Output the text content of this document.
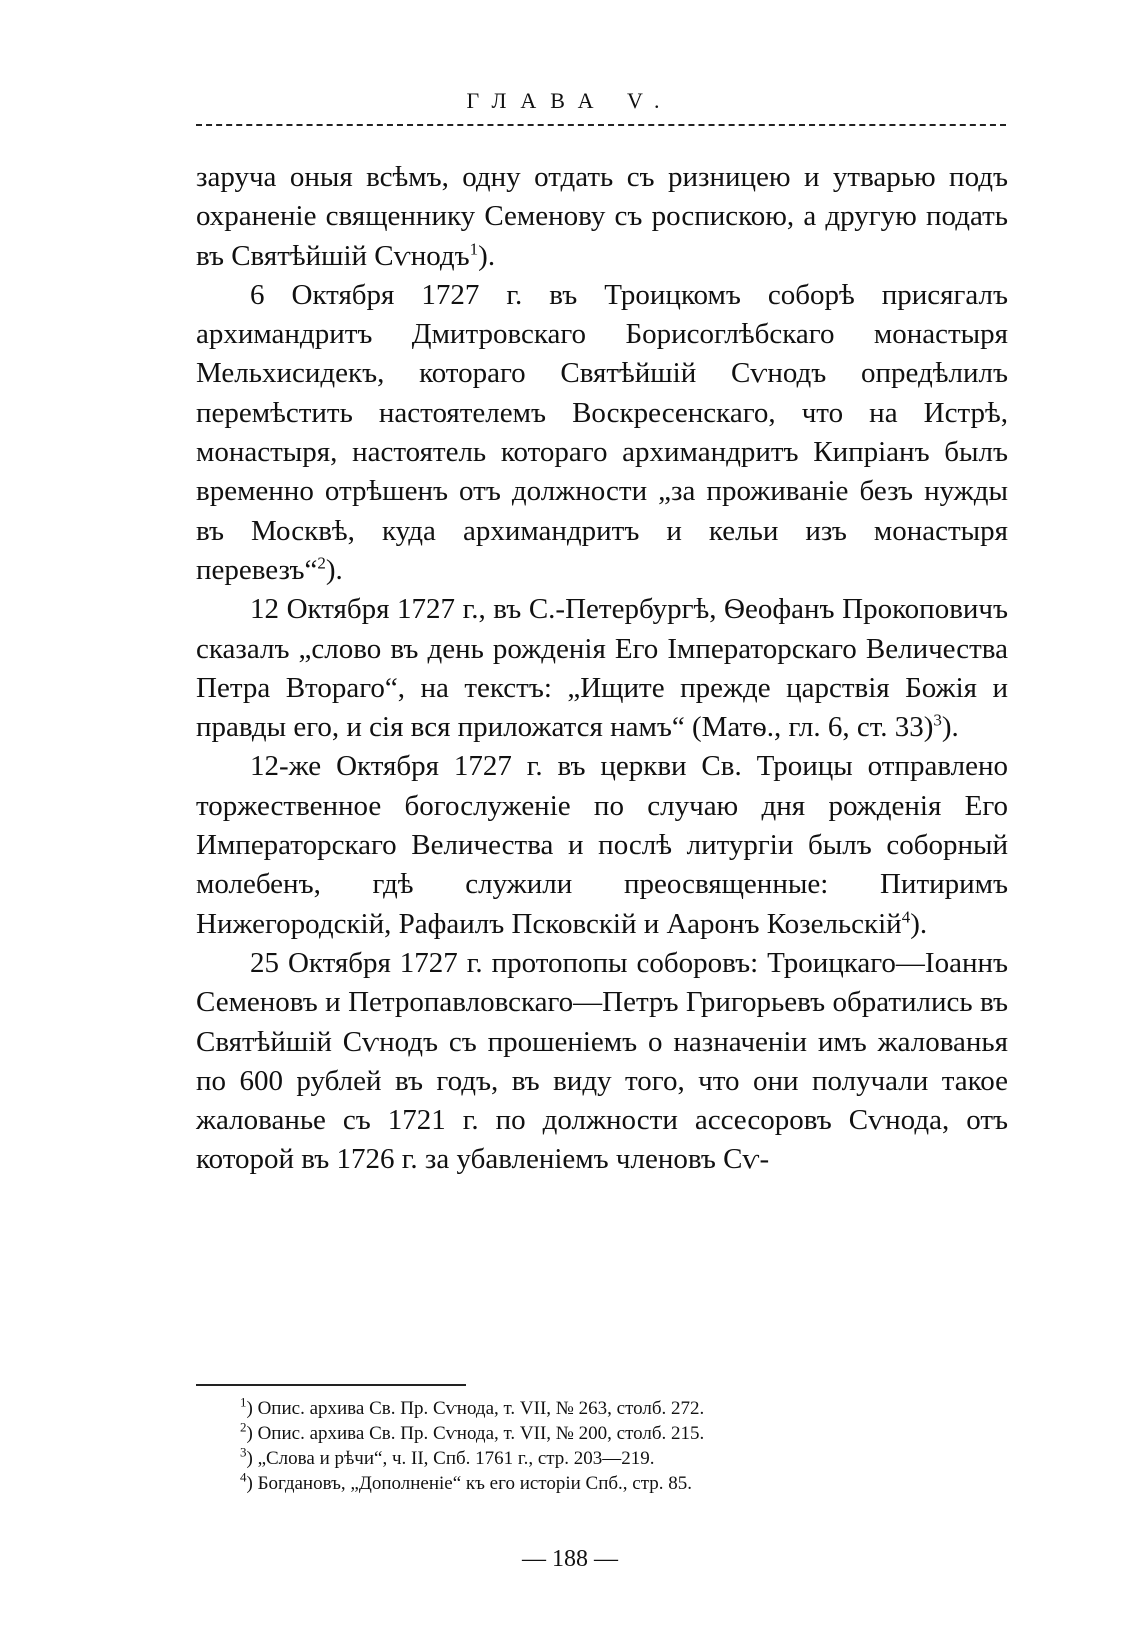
ГЛАВА V.

заруча оныя всѣмъ, одну отдать съ ризницею и утварью подъ охраненіе священнику Семенову съ роспискою, а другую подать въ Святѣйшій Сѵнодъ$^1$).

6 Октября 1727 г. въ Троицкомъ соборѣ присягалъ архимандритъ Дмитровскаго Борисоглѣбскаго монастыря Мельхисидекъ, котораго Святѣйшій Сѵнодъ опредѣлилъ перемѣстить настоятелемъ Воскресенскаго, что на Истрѣ, монастыря, настоятель котораго архимандритъ Кипріанъ былъ временно отрѣшенъ отъ должности „за проживаніе безъ нужды въ Москвѣ, куда архимандритъ и кельи изъ монастыря перевезъ“$^2$).

12 Октября 1727 г., въ С.-Петербургѣ, Ѳеофанъ Прокоповичъ сказалъ „слово въ день рожденія Его Імператорскаго Величества Петра Втораго“, на текстъ: „Ищите прежде царствія Божія и правды его, и сія вся приложатся намъ“ (Матѳ., гл. 6, ст. 33)$^3$).

12-же Октября 1727 г. въ церкви Св. Троицы отправлено торжественное богослуженіе по случаю дня рожденія Его Императорскаго Величества и послѣ литургіи былъ соборный молебенъ, гдѣ служили преосвященные: Питиримъ Нижегородскій, Рафаилъ Псковскій и Ааронъ Козельскій$^4$).

25 Октября 1727 г. протопопы соборовъ: Троицкаго—Іоаннъ Семеновъ и Петропавловскаго—Петръ Григорьевъ обратились въ Святѣйшій Сѵнодъ съ прошеніемъ о назначеніи имъ жалованья по 600 рублей въ годъ, въ виду того, что они получали такое жалованье съ 1721 г. по должности ассесоровъ Сѵнода, отъ которой въ 1726 г. за убавленіемъ членовъ Сѵ-

$^1$) Опис. архива Св. Пр. Сѵнода, т. VII, № 263, столб. 272.
$^2$) Опис. архива Св. Пр. Сѵнода, т. VII, № 200, столб. 215.
$^3$) „Слова и рѣчи“, ч. II, Спб. 1761 г., стр. 203—219.
$^4$) Богдановъ, „Дополненіе“ къ его исторіи Спб., стр. 85.
— 188 —
